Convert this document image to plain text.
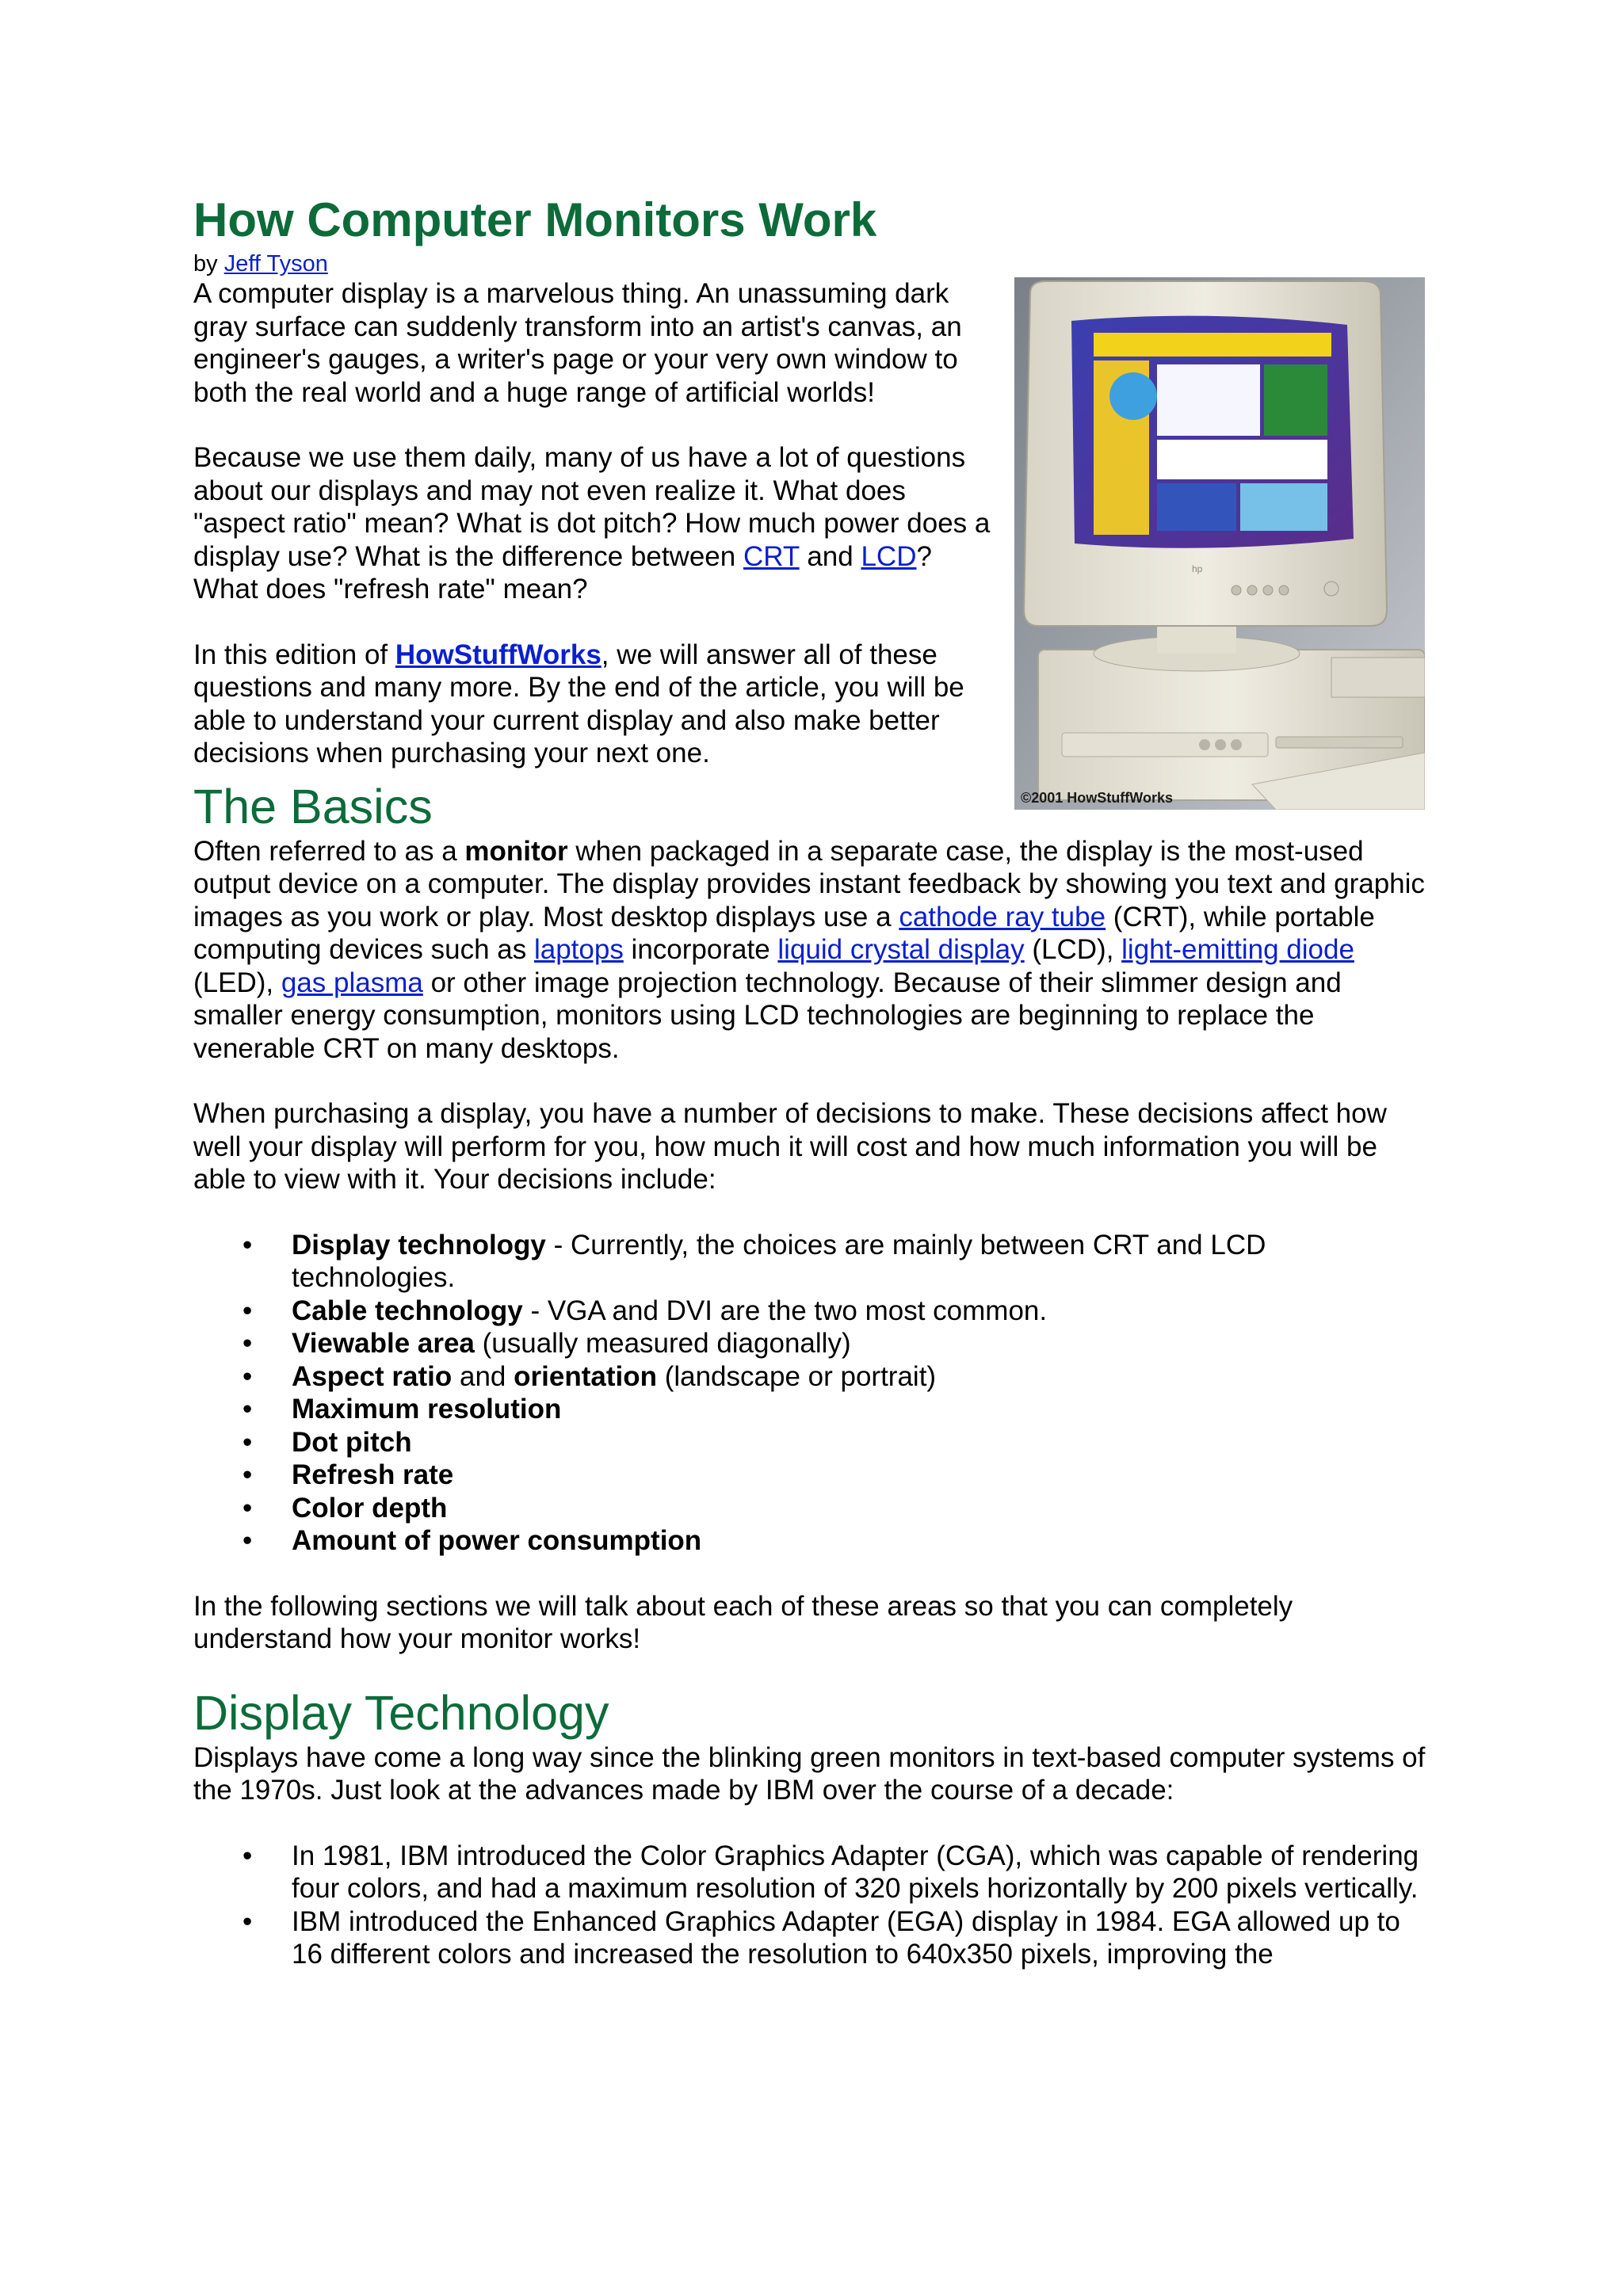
How Computer Monitors Work
by Jeff Tyson

A computer display is a marvelous thing. An unassuming dark gray surface can suddenly transform into an artist's canvas, an engineer's gauges, a writer's page or your very own window to both the real world and a huge range of artificial worlds!

Because we use them daily, many of us have a lot of questions about our displays and may not even realize it. What does "aspect ratio" mean? What is dot pitch? How much power does a display use? What is the difference between CRT and LCD? What does "refresh rate" mean?

In this edition of HowStuffWorks, we will answer all of these questions and many more. By the end of the article, you will be able to understand your current display and also make better decisions when purchasing your next one.

hp
©2001 HowStuffWorks
The Basics

Often referred to as a monitor when packaged in a separate case, the display is the most-used output device on a computer. The display provides instant feedback by showing you text and graphic images as you work or play. Most desktop displays use a cathode ray tube (CRT), while portable computing devices such as laptops incorporate liquid crystal display (LCD), light-emitting diode (LED), gas plasma or other image projection technology. Because of their slimmer design and smaller energy consumption, monitors using LCD technologies are beginning to replace the venerable CRT on many desktops.

When purchasing a display, you have a number of decisions to make. These decisions affect how well your display will perform for you, how much it will cost and how much information you will be able to view with it. Your decisions include:

• Display technology - Currently, the choices are mainly between CRT and LCD technologies.
• Cable technology - VGA and DVI are the two most common.
• Viewable area (usually measured diagonally)
• Aspect ratio and orientation (landscape or portrait)
• Maximum resolution
• Dot pitch
• Refresh rate
• Color depth
• Amount of power consumption

In the following sections we will talk about each of these areas so that you can completely understand how your monitor works!

Display Technology

Displays have come a long way since the blinking green monitors in text-based computer systems of the 1970s. Just look at the advances made by IBM over the course of a decade:

• In 1981, IBM introduced the Color Graphics Adapter (CGA), which was capable of rendering four colors, and had a maximum resolution of 320 pixels horizontally by 200 pixels vertically.
• IBM introduced the Enhanced Graphics Adapter (EGA) display in 1984. EGA allowed up to 16 different colors and increased the resolution to 640x350 pixels, improving the
